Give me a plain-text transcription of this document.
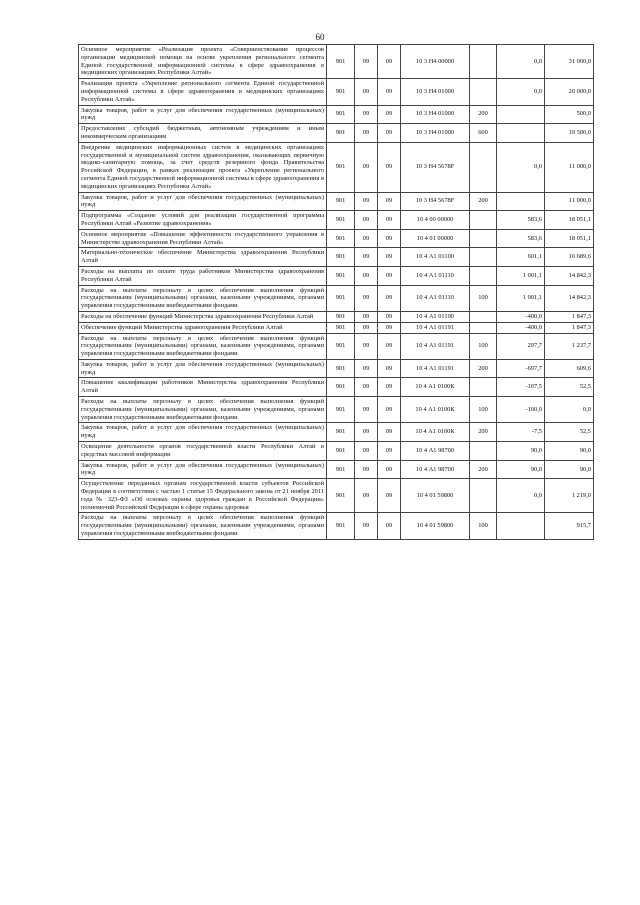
60
Основное мероприятие «Реализация проекта «Совершенствование процессов организации медицинской помощи на основе укрепления регионального сегмента Единой государственной информационной системы в сфере здравоохранения в медицинских организациях Республики Алтай»	901	09	09	10 3 Н4 00000		0,0	31 000,0
Реализация проекта «Укрепление регионального сегмента Единой государственной информационной системы в сфере здравоохранения в медицинских организациях Республики Алтай»	901	09	09	10 3 Н4 01000		0,0	20 000,0
Закупка товаров, работ и услуг для обеспечения государственных (муниципальных) нужд	901	09	09	10 3 Н4 01000	200		500,0
Предоставление субсидий бюджетным, автономным учреждениям и иным некоммерческим организациям	901	09	09	10 3 Н4 01000	600		19 500,0
Внедрение медицинских информационных систем в медицинских организациях государственной и муниципальной систем здравоохранения, оказывающих первичную медико-санитарную помощь, за счет средств резервного фонда Правительства Российской Федерации, в рамках реализации проекта «Укрепление регионального сегмента Единой государственной информационной системы в сфере здравоохранения в медицинских организациях Республики Алтай»	901	09	09	10 3 Н4 5678F		0,0	11 000,0
Закупка товаров, работ и услуг для обеспечения государственных (муниципальных) нужд	901	09	09	10 3 Н4 5678F	200		11 000,0
Подпрограмма «Создание условий для реализации государственной программы Республики Алтай «Развитие здравоохранения»	901	09	09	10 4 00 00000		583,6	18 051,1
Основное мероприятие «Повышение эффективности государственного управления в Министерстве здравоохранения Республики Алтай»	901	09	09	10 4 01 00000		583,6	18 051,1
Материально-техническое обеспечение Министерства здравоохранения Республики Алтай	901	09	09	10 4 А1 01100		601,1	16 689,6
Расходы на выплаты по оплате труда работников Министерства здравоохранения Республики Алтай	901	09	09	10 4 А1 01110		1 001,1	14 842,3
Расходы на выплаты персоналу в целях обеспечения выполнения функций государственными (муниципальными) органами, казенными учреждениями, органами управления государственными внебюджетными фондами	901	09	09	10 4 А1 01110	100	1 001,1	14 842,3
Расходы на обеспечение функций Министерства здравоохранения Республики Алтай	901	09	09	10 4 А1 01190		-400,0	1 847,3
Обеспечение функций Министерства здравоохранения Республики Алтай	901	09	09	10 4 А1 01191		-400,0	1 847,3
Расходы на выплаты персоналу в целях обеспечения выполнения функций государственными (муниципальными) органами, казенными учреждениями, органами управления государственными внебюджетными фондами	901	09	09	10 4 А1 01191	100	297,7	1 237,7
Закупка товаров, работ и услуг для обеспечения государственных (муниципальных) нужд	901	09	09	10 4 А1 01191	200	-697,7	609,6
Повышение квалификации работников Министерства здравоохранения Республики Алтай	901	09	09	10 4 А1 0100К		-107,5	52,5
Расходы на выплаты персоналу в целях обеспечения выполнения функций государственными (муниципальными) органами, казенными учреждениями, органами управления государственными внебюджетными фондами	901	09	09	10 4 А1 0100К	100	-100,0	0,0
Закупка товаров, работ и услуг для обеспечения государственных (муниципальных) нужд	901	09	09	10 4 А1 0100К	200	-7,5	52,5
Освещение деятельности органов государственной власти Республики Алтай в средствах массовой информации	901	09	09	10 4 А1 98700		90,0	90,0
Закупка товаров, работ и услуг для обеспечения государственных (муниципальных) нужд	901	09	09	10 4 А1 98700	200	90,0	90,0
Осуществление переданных органам государственной власти субъектов Российской Федерации в соответствии с частью 1 статьи 15 Федерального закона от 21 ноября 2011 года № 323-ФЗ «Об основах охраны здоровья граждан в Российской Федерации» полномочий Российской Федерации в сфере охраны здоровья	901	09	09	10 4 01 59800		0,0	1 219,0
Расходы на выплаты персоналу в целях обеспечения выполнения функций государственными (муниципальными) органами, казенными учреждениями, органами управления государственными внебюджетными фондами	901	09	09	10 4 01 59800	100		915,7
